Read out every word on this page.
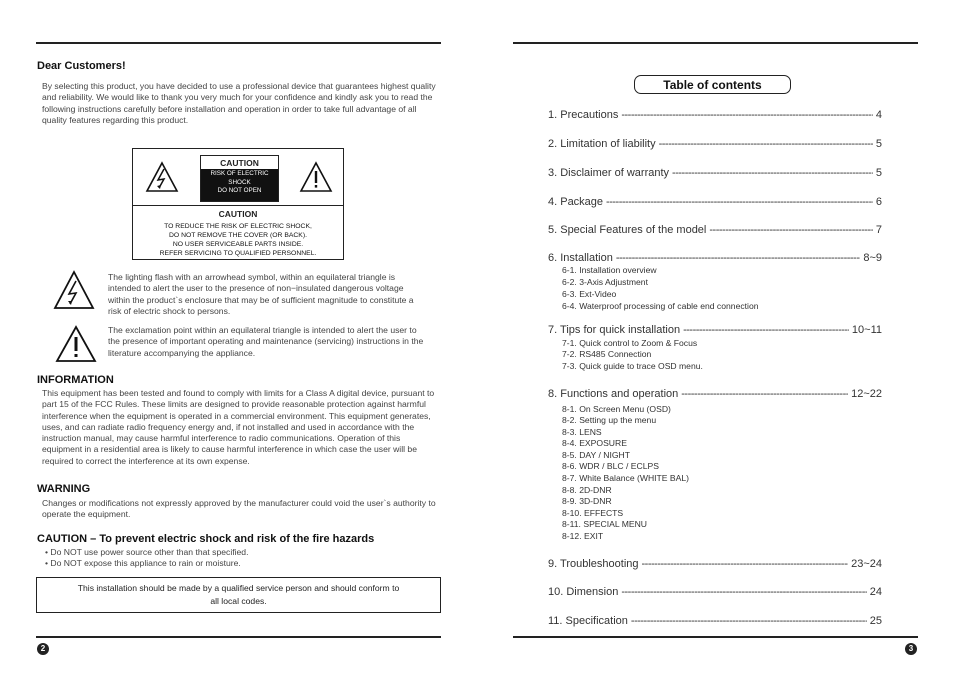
Dear Customers!
By selecting this product, you have decided to use a professional device that guarantees highest quality and reliability. We would like to thank you very much for your confidence and kindly ask you to read the following instructions carefully before installation and operation in order to take full advantage of all quality features regarding this product.
CAUTION
RISK OF ELECTRIC
SHOCK
DO NOT OPEN
CAUTION
TO REDUCE THE RISK OF ELECTRIC SHOCK,
DO NOT REMOVE THE COVER (OR BACK).
NO USER SERVICEABLE PARTS INSIDE.
REFER SERVICING TO QUALIFIED PERSONNEL.
The lighting flash with an arrowhead symbol, within an equilateral triangle is intended to alert the user to the presence of non−insulated dangerous voltage within the product`s enclosure that may be of sufficient magnitude to constitute a risk of electric shock to persons.
The exclamation point within an equilateral triangle is intended to alert the user to the presence of important operating and maintenance (servicing) instructions in the literature accompanying the appliance.
INFORMATION
This equipment has been tested and found to comply with limits for a Class A digital device, pursuant to part 15 of the FCC Rules. These limits are designed to provide reasonable protection against harmful interference when the equipment is operated in a commercial environment. This equipment generates, uses, and can radiate radio frequency energy and, if not installed and used in accordance with the instruction manual, may cause harmful interference to radio communications. Operation of this equipment in a residential area is likely to cause harmful interference in which case the user will be required to correct the interference at its own expense.
WARNING
Changes or modifications not expressly approved by the manufacturer could void the user`s authority to operate the equipment.
CAUTION – To prevent electric shock and risk of the fire hazards
• Do NOT use power source other than that specified.
• Do NOT expose this appliance to rain or moisture.
This installation should be made by a qualified service person and should conform to
all local codes.
2
Table of contents
1. Precautions -----	4
2. Limitation of liability -----	5
3. Disclaimer of warranty -----	5
4. Package -----	6
5. Special Features of the model -----	7
6. Installation -----	8~9
6-1. Installation overview
6-2. 3-Axis Adjustment
6-3. Ext-Video
6-4. Waterproof processing of cable end connection
7. Tips for quick installation -----	10~11
7-1. Quick control to Zoom & Focus
7-2. RS485 Connection
7-3. Quick guide to trace OSD menu.
8. Functions and operation -----	12~22
8-1. On Screen Menu (OSD)
8-2. Setting up the menu
8-3. LENS
8-4. EXPOSURE
8-5. DAY / NIGHT
8-6. WDR / BLC / ECLPS
8-7. White Balance (WHITE BAL)
8-8. 2D-DNR
8-9. 3D-DNR
8-10. EFFECTS
8-11. SPECIAL MENU
8-12. EXIT
9. Troubleshooting -----	23~24
10. Dimension -----	24
11. Specification -----	25
3
